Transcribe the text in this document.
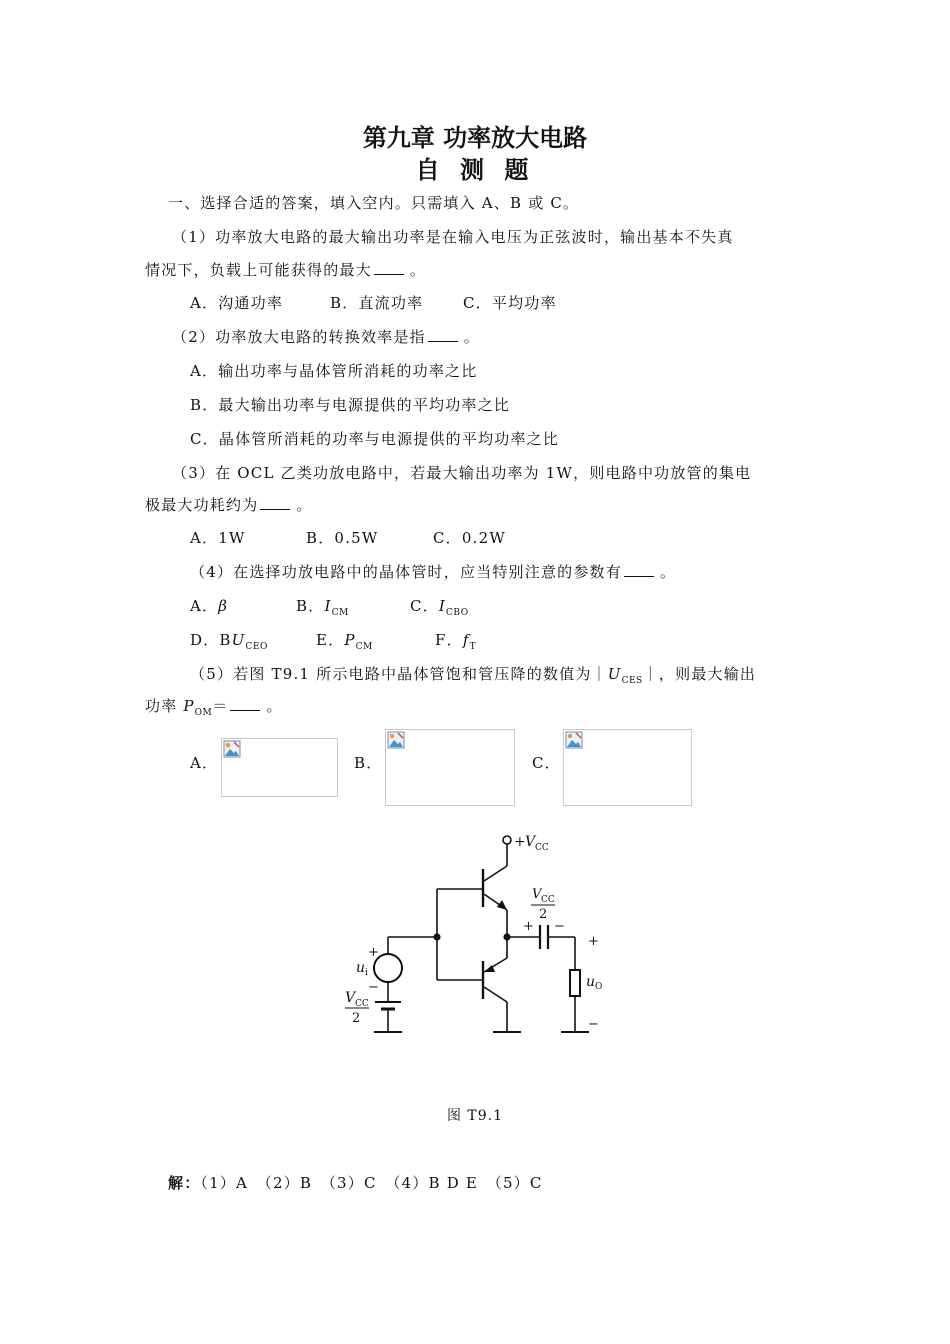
第九章 功率放大电路
自 测 题
一、选择合适的答案，填入空内。只需填入 A、B 或 C。
（1）功率放大电路的最大输出功率是在输入电压为正弦波时，输出基本不失真
情况下，负载上可能获得的最大	。
A．沟通功率	B．直流功率	C．平均功率
（2）功率放大电路的转换效率是指	。
A．输出功率与晶体管所消耗的功率之比
B．最大输出功率与电源提供的平均功率之比
C．晶体管所消耗的功率与电源提供的平均功率之比
（3）在 OCL 乙类功放电路中，若最大输出功率为 1W，则电路中功放管的集电
极最大功耗约为	。
A．1W	B．0.5W	C．0.2W
（4）在选择功放电路中的晶体管时，应当特别注意的参数有	。
A．β	B．$I_{CM}$	C．$I_{CBO}$
D．$BU_{CEO}$	E．$P_{CM}$	F．$f_T$
（5）若图 T9.1 所示电路中晶体管饱和管压降的数值为$|U_{CES}|$，则最大输出
功率 $P_{OM}=$	。
A．	B．	C．
+ V CC
+
u i
−
V CC
2
+ −
V CC
2
+
u O
−
图 T9.1
解：（1）A　（2）B　（3）C　（4）B D E　（5）C
